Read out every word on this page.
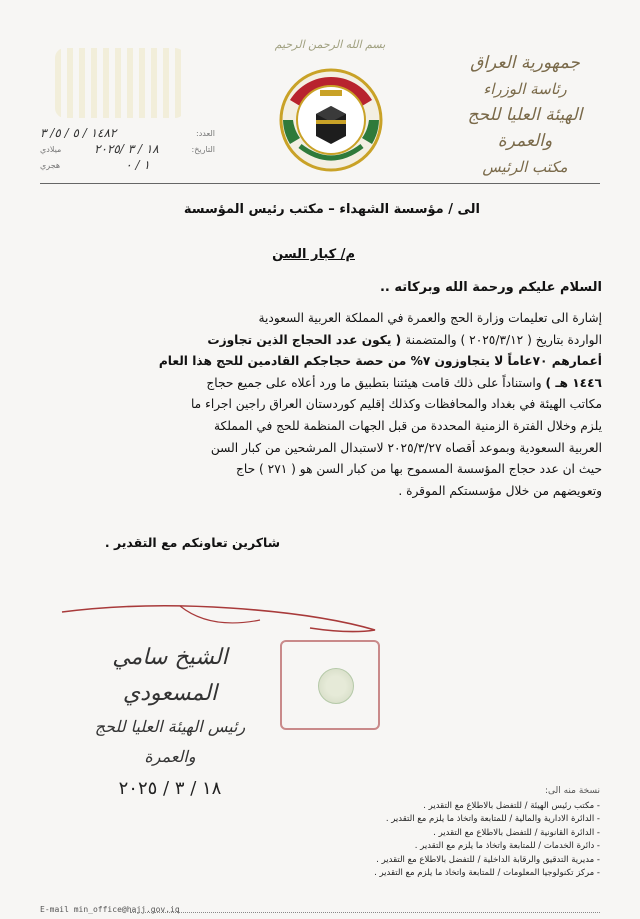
جمهورية العراق
رئاسة الوزراء
الهيئة العليا للحج والعمرة
مكتب الرئيس
بسم الله الرحمن الرحيم
العدد:
١٤٨٢ / ٥ / ٥/ ٣
التاريخ:
١٨ / ٣ /٢٠٢٥
ميلادي
١ / ٠
هجري
الى / مؤسسة الشهداء – مكتب رئيس المؤسسة
م/ كبار السن
السلام عليكم ورحمة الله وبركاته ..
إشارة الى تعليمات وزارة الحج والعمرة في المملكة العربية السعودية
الواردة بتاريخ ( ٢٠٢٥/٣/١٢ ) والمتضمنة ( يكون عدد الحجاج الذين تجاوزت
أعمارهم ٧٠عاماً لا يتجاوزون ٧% من حصة حجاجكم القادمين للحج هذا العام
١٤٤٦ هـ ) واستناداً على ذلك قامت هيئتنا بتطبيق ما ورد أعلاه على جميع حجاج
مكاتب الهيئة في بغداد والمحافظات وكذلك إقليم كوردستان العراق راجين اجراء ما
يلزم وخلال الفترة الزمنية المحددة من قبل الجهات المنظمة للحج في المملكة
العربية السعودية وبموعد أقصاه ٢٠٢٥/٣/٢٧ لاستبدال المرشحين من كبار السن
حيث ان عدد حجاج المؤسسة المسموح بها من كبار السن هو ( ٢٧١ ) حاج
وتعويضهم من خلال مؤسستكم الموقرة .
شاكرين تعاونكم مع التقدير .
الشيخ سامي المسعودي
رئيس الهيئة العليا للحج والعمرة
١٨ / ٣ / ٢٠٢٥	نسخة منه الى:
- مكتب رئيس الهيئة / للتفضل بالاطلاع مع التقدير .
- الدائرة الادارية والمالية / للمتابعة واتخاذ ما يلزم مع التقدير .
- الدائرة القانونية / للتفضل بالاطلاع مع التقدير .
- دائرة الخدمات / للمتابعة واتخاذ ما يلزم مع التقدير .
- مديرية التدقيق والرقابة الداخلية / للتفضل بالاطلاع مع التقدير .
- مركز تكنولوجيا المعلومات / للمتابعة واتخاذ ما يلزم مع التقدير .
E-mail min_office@hajj.gov.iq
